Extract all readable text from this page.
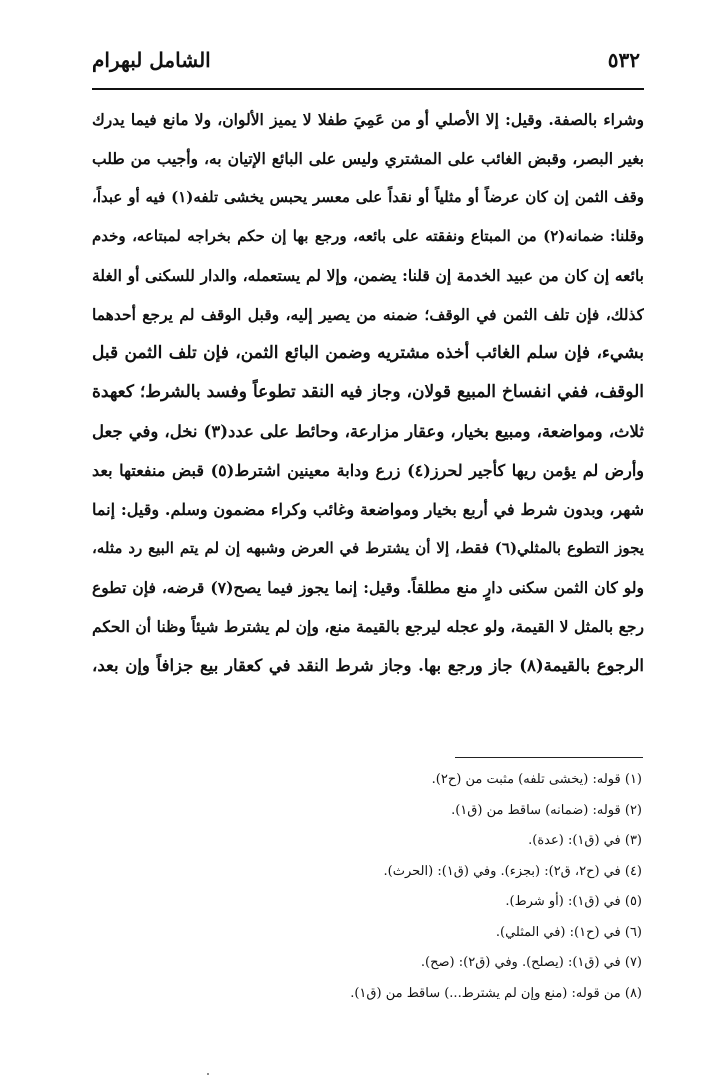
٥٣٢
الشامل لبهرام
وشراء بالصفة. وقيل: إلا الأصلي أو من عَمِيَ طفلا لا يميز الألوان، ولا مانع فيما يدرك
بغير البصر، وقبض الغائب على المشتري وليس على البائع الإتيان به، وأجيب من طلب
وقف الثمن إن كان عرضاً أو مثلياً أو نقداً على معسر يحبس يخشى تلفه(١) فيه أو عبداً،
وقلنا: ضمانه(٢) من المبتاع ونفقته على بائعه، ورجع بها إن حكم بخراجه لمبتاعه، وخدم
بائعه إن كان من عبيد الخدمة إن قلنا: يضمن، وإلا لم يستعمله، والدار للسكنى أو الغلة
كذلك، فإن تلف الثمن في الوقف؛ ضمنه من يصير إليه، وقبل الوقف لم يرجع أحدهما
بشيء، فإن سلم الغائب أخذه مشتريه وضمن البائع الثمن، فإن تلف الثمن قبل
الوقف، ففي انفساخ المبيع قولان، وجاز فيه النقد تطوعاً وفسد بالشرط؛ كعهدة
ثلاث، ومواضعة، ومبيع بخيار، وعقار مزارعة، وحائط على عدد(٣) نخل، وفي جعل
وأرض لم يؤمن ريها كأجير لحرز(٤) زرع ودابة معينين اشترط(٥) قبض منفعتها بعد
شهر، وبدون شرط في أربع بخيار ومواضعة وغائب وكراء مضمون وسلم. وقيل: إنما
يجوز التطوع بالمثلي(٦) فقط، إلا أن يشترط في العرض وشبهه إن لم يتم البيع رد مثله،
ولو كان الثمن سكنى دارٍ منع مطلقاً. وقيل: إنما يجوز فيما يصح(٧) قرضه، فإن تطوع
رجع بالمثل لا القيمة، ولو عجله ليرجع بالقيمة منع، وإن لم يشترط شيئاً وظنا أن الحكم
الرجوع بالقيمة(٨) جاز ورجع بها. وجاز شرط النقد في كعقار بيع جزافاً وإن بعد،
(١) قوله: (يخشى تلفه) مثبت من (ح٢).
(٢) قوله: (ضمانه) ساقط من (ق١).
(٣) في (ق١): (عدة).
(٤) في (ح٢، ق٢): (بجزء). وفي (ق١): (الحرث).
(٥) في (ق١): (أو شرط).
(٦) في (ح١): (في المثلي).
(٧) في (ق١): (يصلح). وفي (ق٢): (صح).
(٨) من قوله: (منع وإن لم يشترط...) ساقط من (ق١).
